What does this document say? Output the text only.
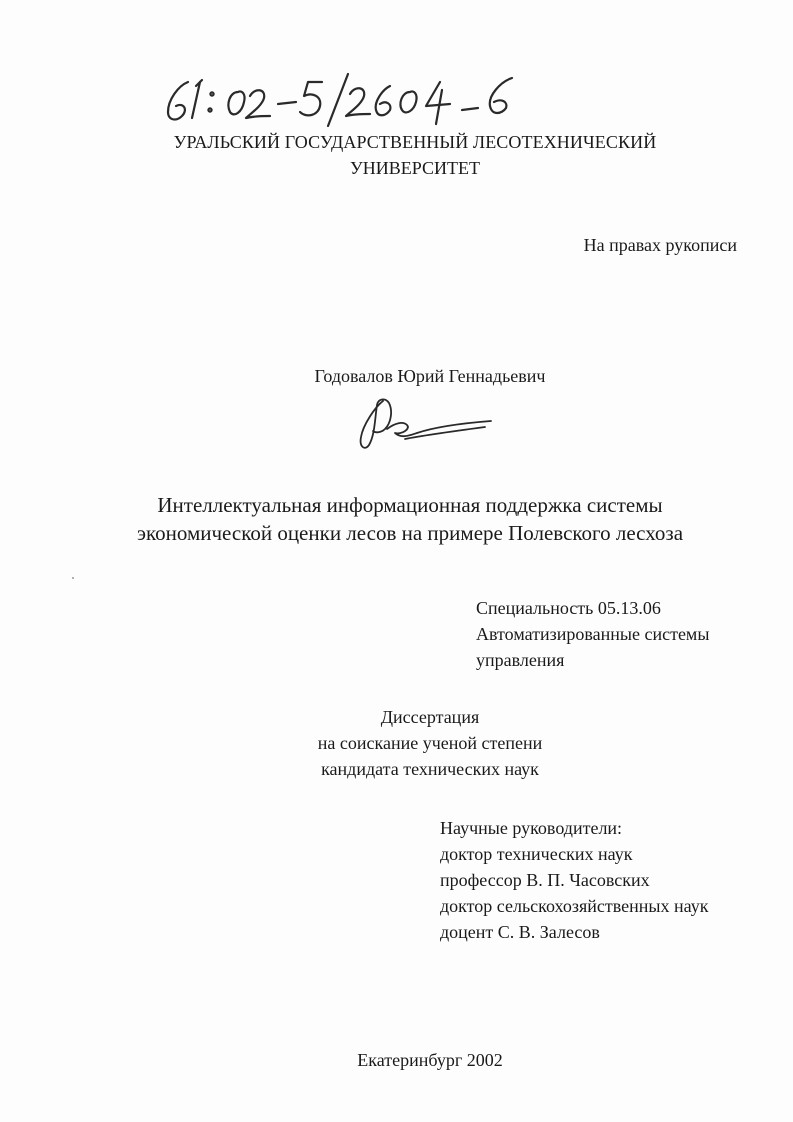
УРАЛЬСКИЙ ГОСУДАРСТВЕННЫЙ ЛЕСОТЕХНИЧЕСКИЙ
УНИВЕРСИТЕТ
На правах рукописи
Годовалов Юрий Геннадьевич
Интеллектуальная информационная поддержка системы
экономической оценки лесов на примере Полевского лесхоза
Специальность 05.13.06
Автоматизированные системы
управления
Диссертация
на соискание ученой степени
кандидата технических наук
Научные руководители:
доктор технических наук
профессор В. П. Часовских
доктор сельскохозяйственных наук
доцент С. В. Залесов
Екатеринбург 2002
